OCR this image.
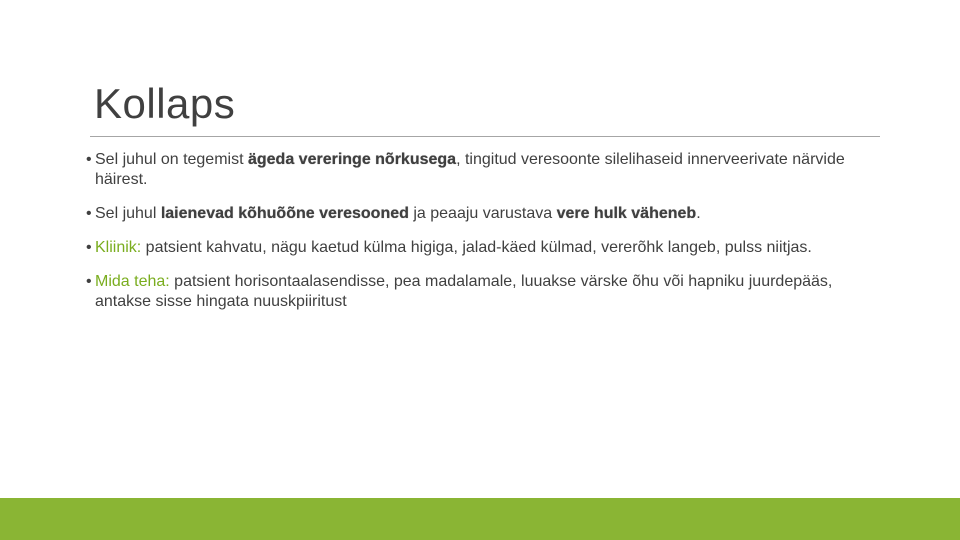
Kollaps
• Sel juhul on tegemist ägeda vereringe nõrkusega, tingitud veresoonte silelihaseid innerveerivate närvide häirest.
• Sel juhul laienevad kõhuõõne veresooned ja peaaju varustava vere hulk väheneb.
• Kliinik: patsient kahvatu, nägu kaetud külma higiga, jalad-käed külmad, vererõhk langeb, pulss niitjas.
• Mida teha: patsient horisontaalasendisse, pea madalamale, luuakse värske õhu või hapniku juurdepääs, antakse sisse hingata nuuskpiiritust
